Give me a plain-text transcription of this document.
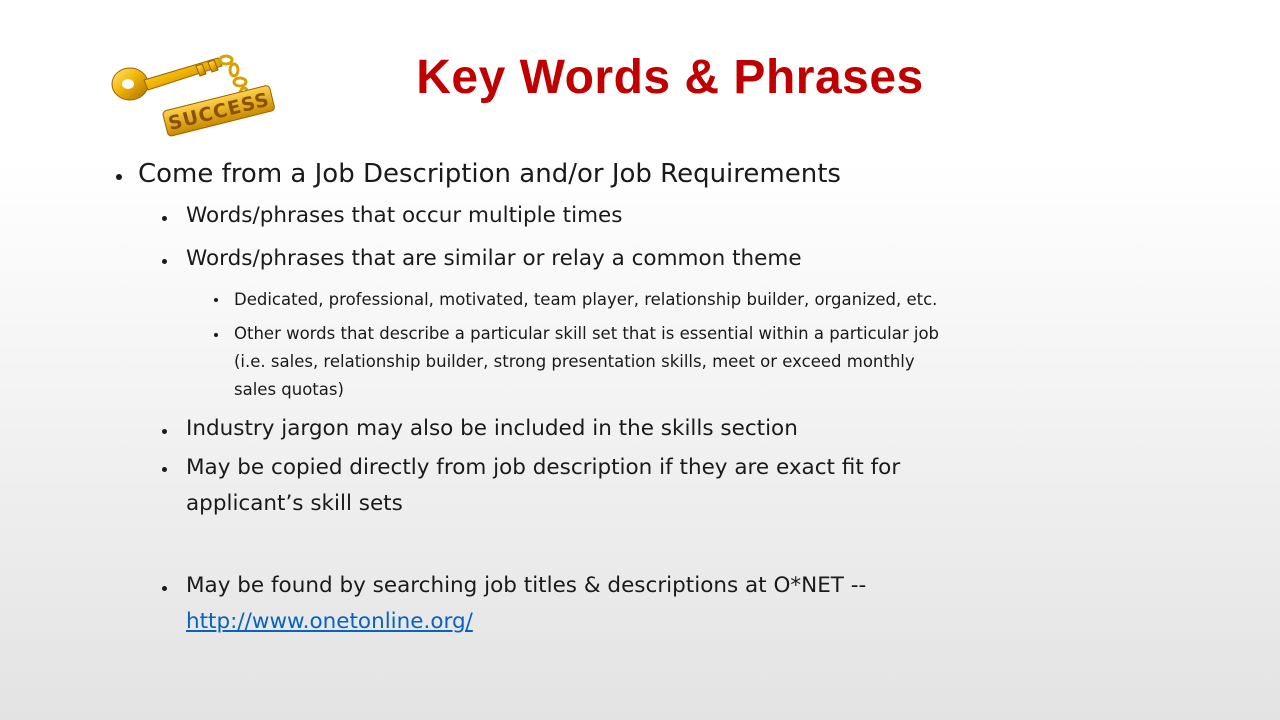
SUCCESS
Key Words & Phrases
Come from a Job Description and/or Job Requirements
Words/phrases that occur multiple times
Words/phrases that are similar or relay a common theme
Dedicated, professional, motivated, team player, relationship builder, organized, etc.
Other words that describe a particular skill set that is essential within a particular job
(i.e. sales, relationship builder, strong presentation skills, meet or exceed monthly
sales quotas)
Industry jargon may also be included in the skills section
May be copied directly from job description if they are exact fit for
applicant’s skill sets
May be found by searching job titles & descriptions at O*NET --
http://www.onetonline.org/
